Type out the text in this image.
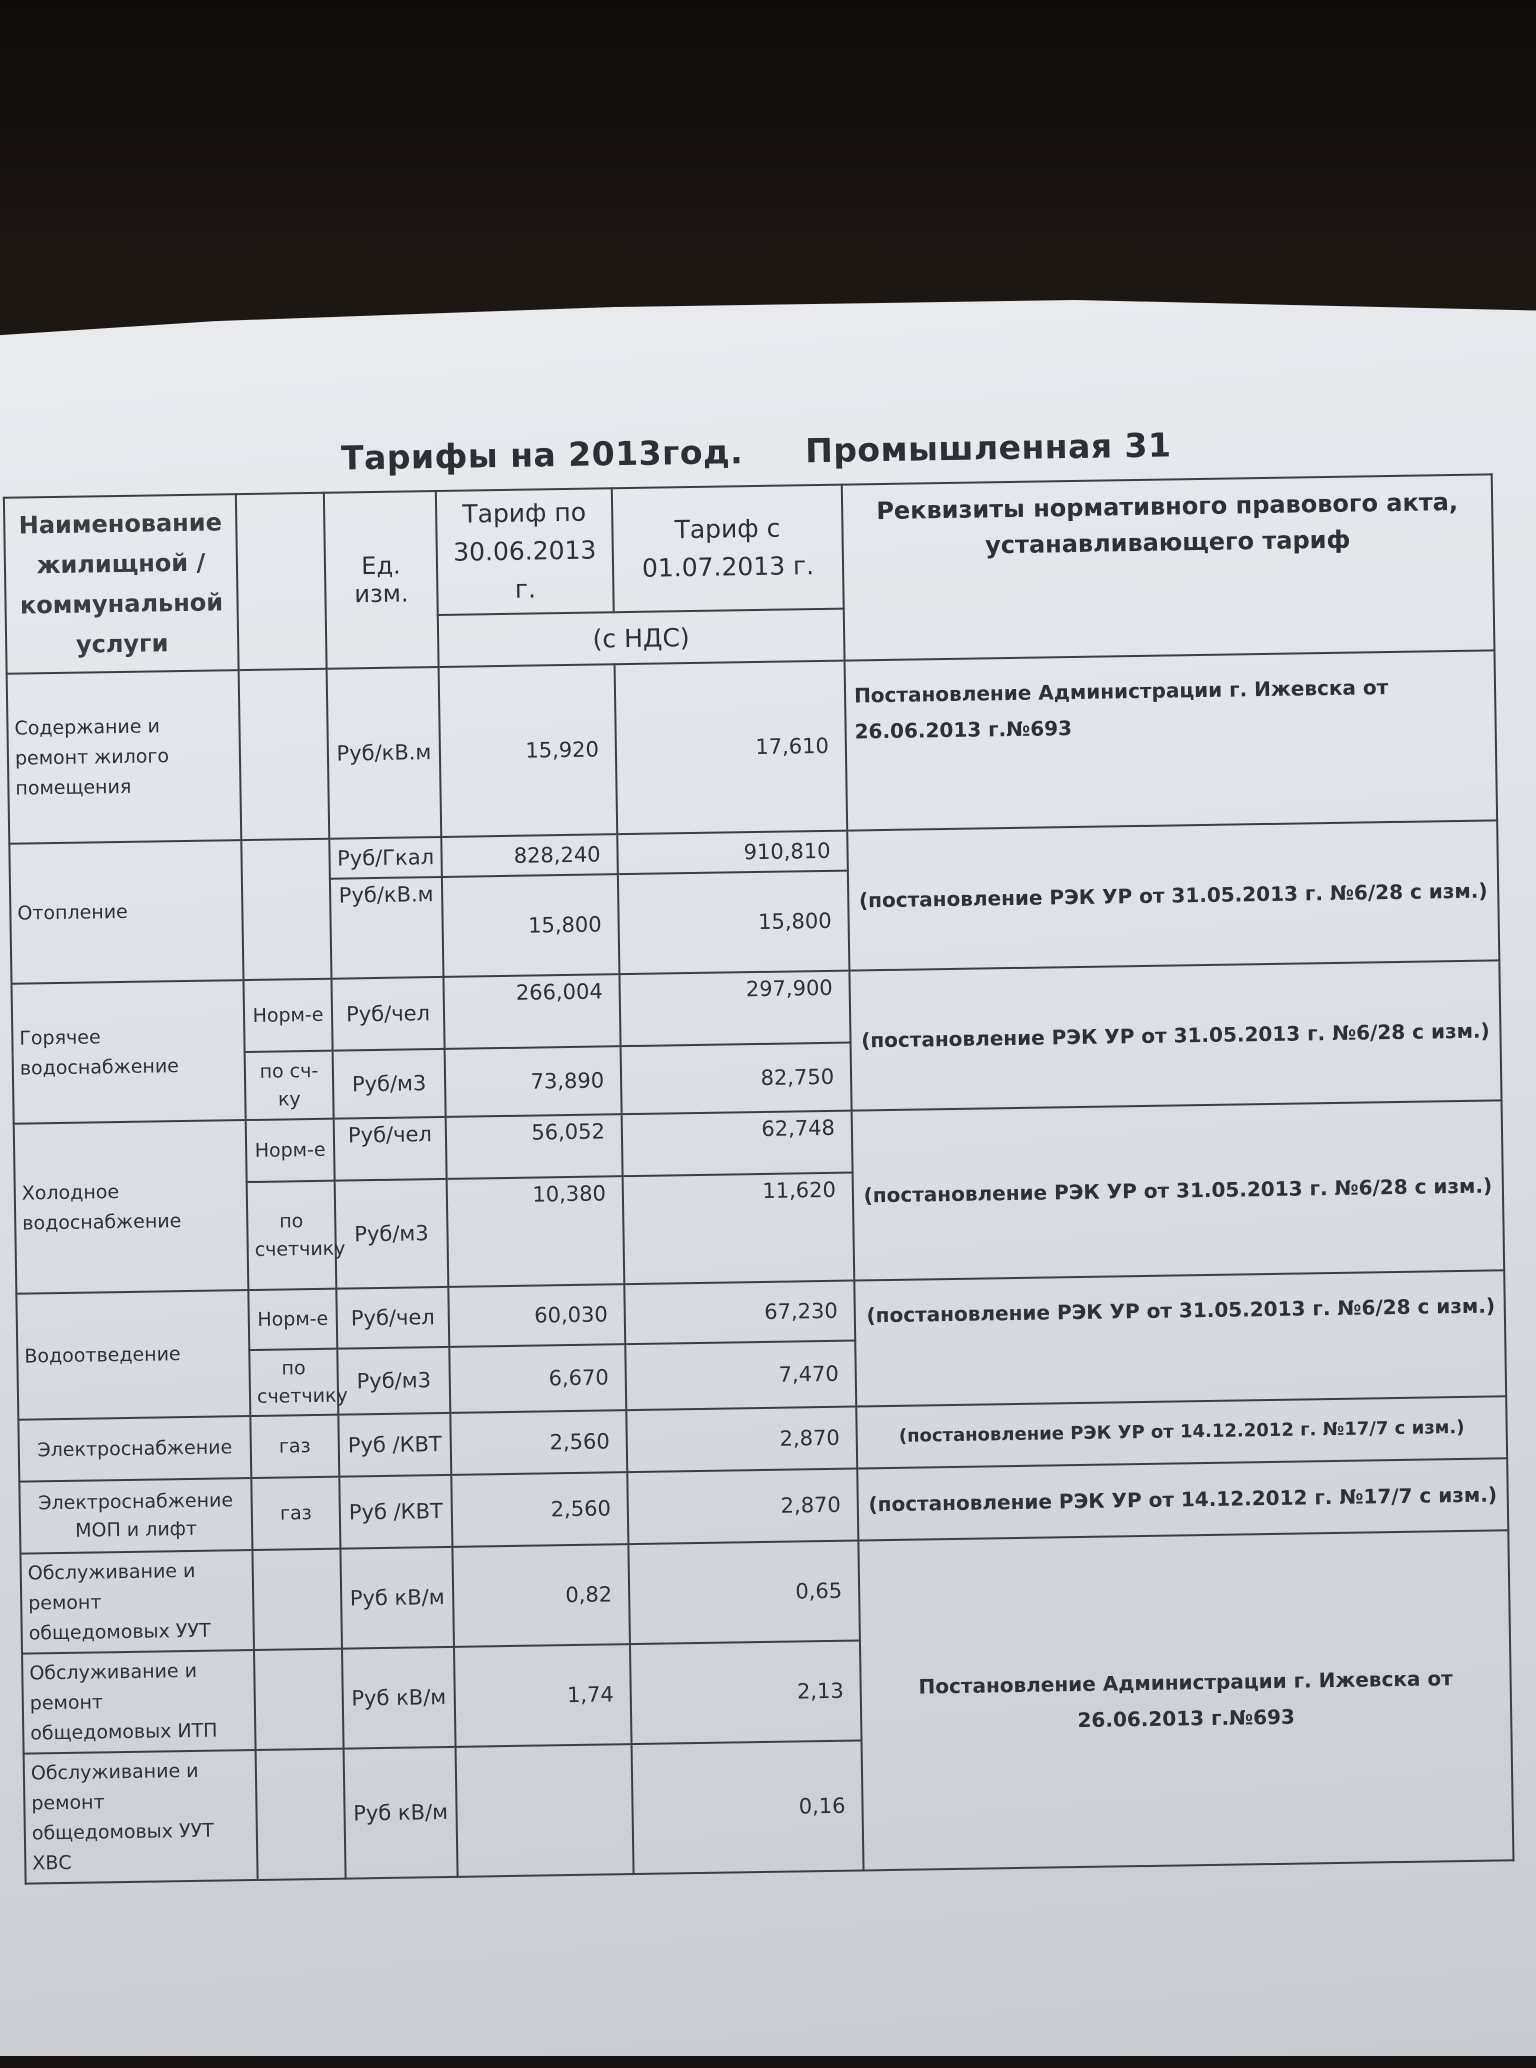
Тарифы на 2013год. Промышленная 31
Наименование жилищной /коммунальной услуги		Ед. изм.	Тариф по 30.06.2013 г.	Тариф с 01.07.2013 г.	Реквизиты нормативного правового акта, устанавливающего тариф
			(с НДС)		
Содержание и ремонт жилого помещения		Руб/кВ.м	15,920	17,610	Постановление Администрации г. Ижевска от 26.06.2013 г.№693
Отопление		Руб/Гкал	828,240	910,810	(постановление РЭК УР от 31.05.2013 г. №6/28 с изм.)
		Руб/кВ.м	15,800	15,800	
Горячее водоснабжение	Норм-е	Руб/чел	266,004	297,900	(постановление РЭК УР от 31.05.2013 г. №6/28 с изм.)
	по сч-ку	Руб/м3	73,890	82,750	
Холодное водоснабжение	Норм-е	Руб/чел	56,052	62,748	(постановление РЭК УР от 31.05.2013 г. №6/28 с изм.)
	по счетчику	Руб/м3	10,380	11,620	
Водоотведение	Норм-е	Руб/чел	60,030	67,230	(постановление РЭК УР от 31.05.2013 г. №6/28 с изм.)
	по счетчику	Руб/м3	6,670	7,470	
Электроснабжение	газ	Руб /КВТ	2,560	2,870	(постановление РЭК УР от 14.12.2012 г. №17/7 с изм.)
Электроснабжение МОП и лифт	газ	Руб /КВТ	2,560	2,870	(постановление РЭК УР от 14.12.2012 г. №17/7 с изм.)
Обслуживание и ремонт общедомовых УУТ		Руб кВ/м	0,82	0,65	Постановление Администрации г. Ижевска от 26.06.2013 г.№693
Обслуживание и ремонт общедомовых ИТП		Руб кВ/м	1,74	2,13	
Обслуживание и ремонт общедомовых УУТ ХВС		Руб кВ/м		0,16	
